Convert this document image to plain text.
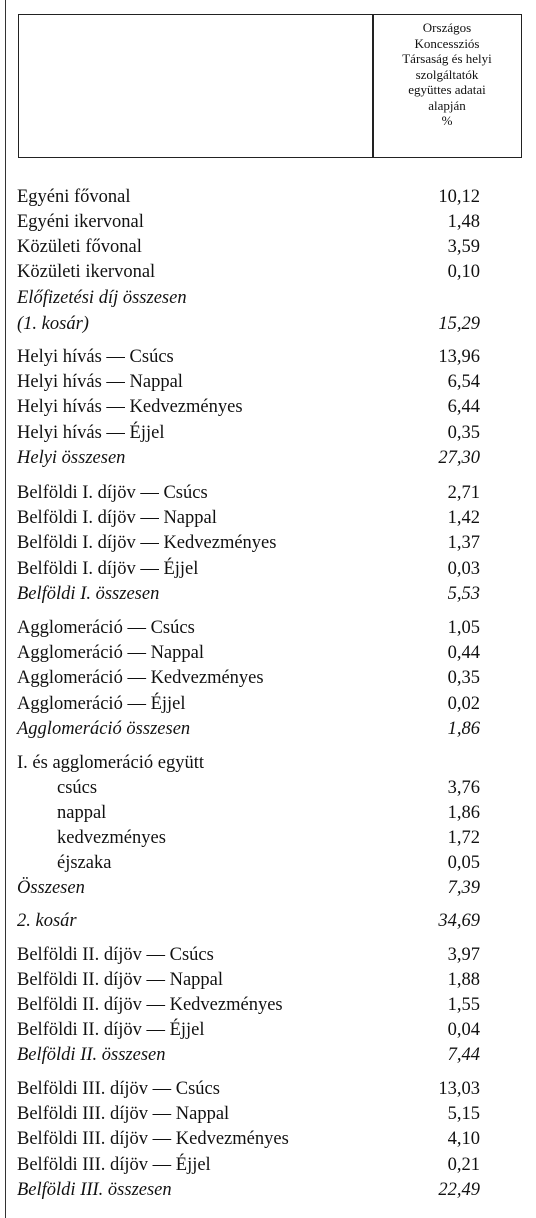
Országos
Koncessziós
Társaság és helyi
szolgáltatók
együttes adatai
alapján
%
Egyéni fővonal	10,12
Egyéni ikervonal	1,48
Közületi fővonal	3,59
Közületi ikervonal	0,10
Előfizetési díj összesen
(1. kosár)	15,29
Helyi hívás — Csúcs	13,96
Helyi hívás — Nappal	6,54
Helyi hívás — Kedvezményes	6,44
Helyi hívás — Éjjel	0,35
Helyi összesen	27,30
Belföldi I. díjöv — Csúcs	2,71
Belföldi I. díjöv — Nappal	1,42
Belföldi I. díjöv — Kedvezményes	1,37
Belföldi I. díjöv — Éjjel	0,03
Belföldi I. összesen	5,53
Agglomeráció — Csúcs	1,05
Agglomeráció — Nappal	0,44
Agglomeráció — Kedvezményes	0,35
Agglomeráció — Éjjel	0,02
Agglomeráció összesen	1,86
I. és agglomeráció együtt
csúcs	3,76
nappal	1,86
kedvezményes	1,72
éjszaka	0,05
Összesen	7,39
2. kosár	34,69
Belföldi II. díjöv — Csúcs	3,97
Belföldi II. díjöv — Nappal	1,88
Belföldi II. díjöv — Kedvezményes	1,55
Belföldi II. díjöv — Éjjel	0,04
Belföldi II. összesen	7,44
Belföldi III. díjöv — Csúcs	13,03
Belföldi III. díjöv — Nappal	5,15
Belföldi III. díjöv — Kedvezményes	4,10
Belföldi III. díjöv — Éjjel	0,21
Belföldi III. összesen	22,49
